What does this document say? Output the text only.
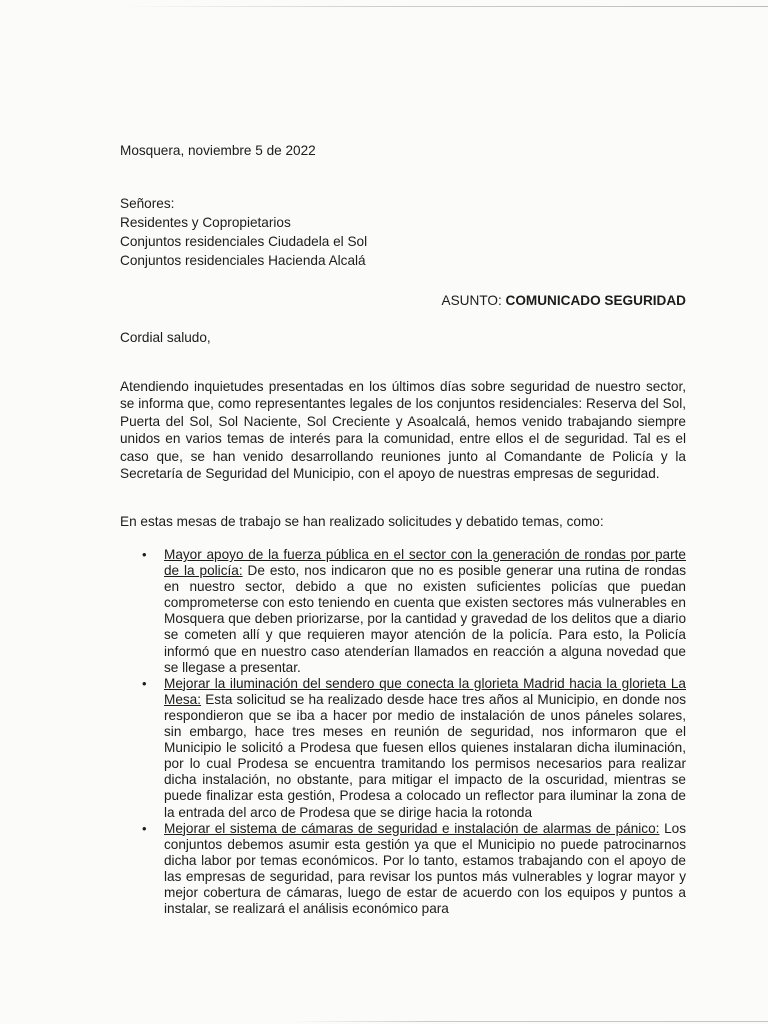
Mosquera, noviembre 5 de 2022
Señores:
Residentes y Copropietarios
Conjuntos residenciales Ciudadela el Sol
Conjuntos residenciales Hacienda Alcalá
ASUNTO: COMUNICADO SEGURIDAD
Cordial saludo,
Atendiendo inquietudes presentadas en los últimos días sobre seguridad de nuestro sector, se informa que, como representantes legales de los conjuntos residenciales: Reserva del Sol, Puerta del Sol, Sol Naciente, Sol Creciente y Asoalcalá, hemos venido trabajando siempre unidos en varios temas de interés para la comunidad, entre ellos el de seguridad. Tal es el caso que, se han venido desarrollando reuniones junto al Comandante de Policía y la Secretaría de Seguridad del Municipio, con el apoyo de nuestras empresas de seguridad.
En estas mesas de trabajo se han realizado solicitudes y debatido temas, como:
• Mayor apoyo de la fuerza pública en el sector con la generación de rondas por parte de la policía: De esto, nos indicaron que no es posible generar una rutina de rondas en nuestro sector, debido a que no existen suficientes policías que puedan comprometerse con esto teniendo en cuenta que existen sectores más vulnerables en Mosquera que deben priorizarse, por la cantidad y gravedad de los delitos que a diario se cometen allí y que requieren mayor atención de la policía. Para esto, la Policía informó que en nuestro caso atenderían llamados en reacción a alguna novedad que se llegase a presentar.
• Mejorar la iluminación del sendero que conecta la glorieta Madrid hacia la glorieta La Mesa: Esta solicitud se ha realizado desde hace tres años al Municipio, en donde nos respondieron que se iba a hacer por medio de instalación de unos páneles solares, sin embargo, hace tres meses en reunión de seguridad, nos informaron que el Municipio le solicitó a Prodesa que fuesen ellos quienes instalaran dicha iluminación, por lo cual Prodesa se encuentra tramitando los permisos necesarios para realizar dicha instalación, no obstante, para mitigar el impacto de la oscuridad, mientras se puede finalizar esta gestión, Prodesa a colocado un reflector para iluminar la zona de la entrada del arco de Prodesa que se dirige hacia la rotonda
• Mejorar el sistema de cámaras de seguridad e instalación de alarmas de pánico: Los conjuntos debemos asumir esta gestión ya que el Municipio no puede patrocinarnos dicha labor por temas económicos. Por lo tanto, estamos trabajando con el apoyo de las empresas de seguridad, para revisar los puntos más vulnerables y lograr mayor y mejor cobertura de cámaras, luego de estar de acuerdo con los equipos y puntos a instalar, se realizará el análisis económico para
